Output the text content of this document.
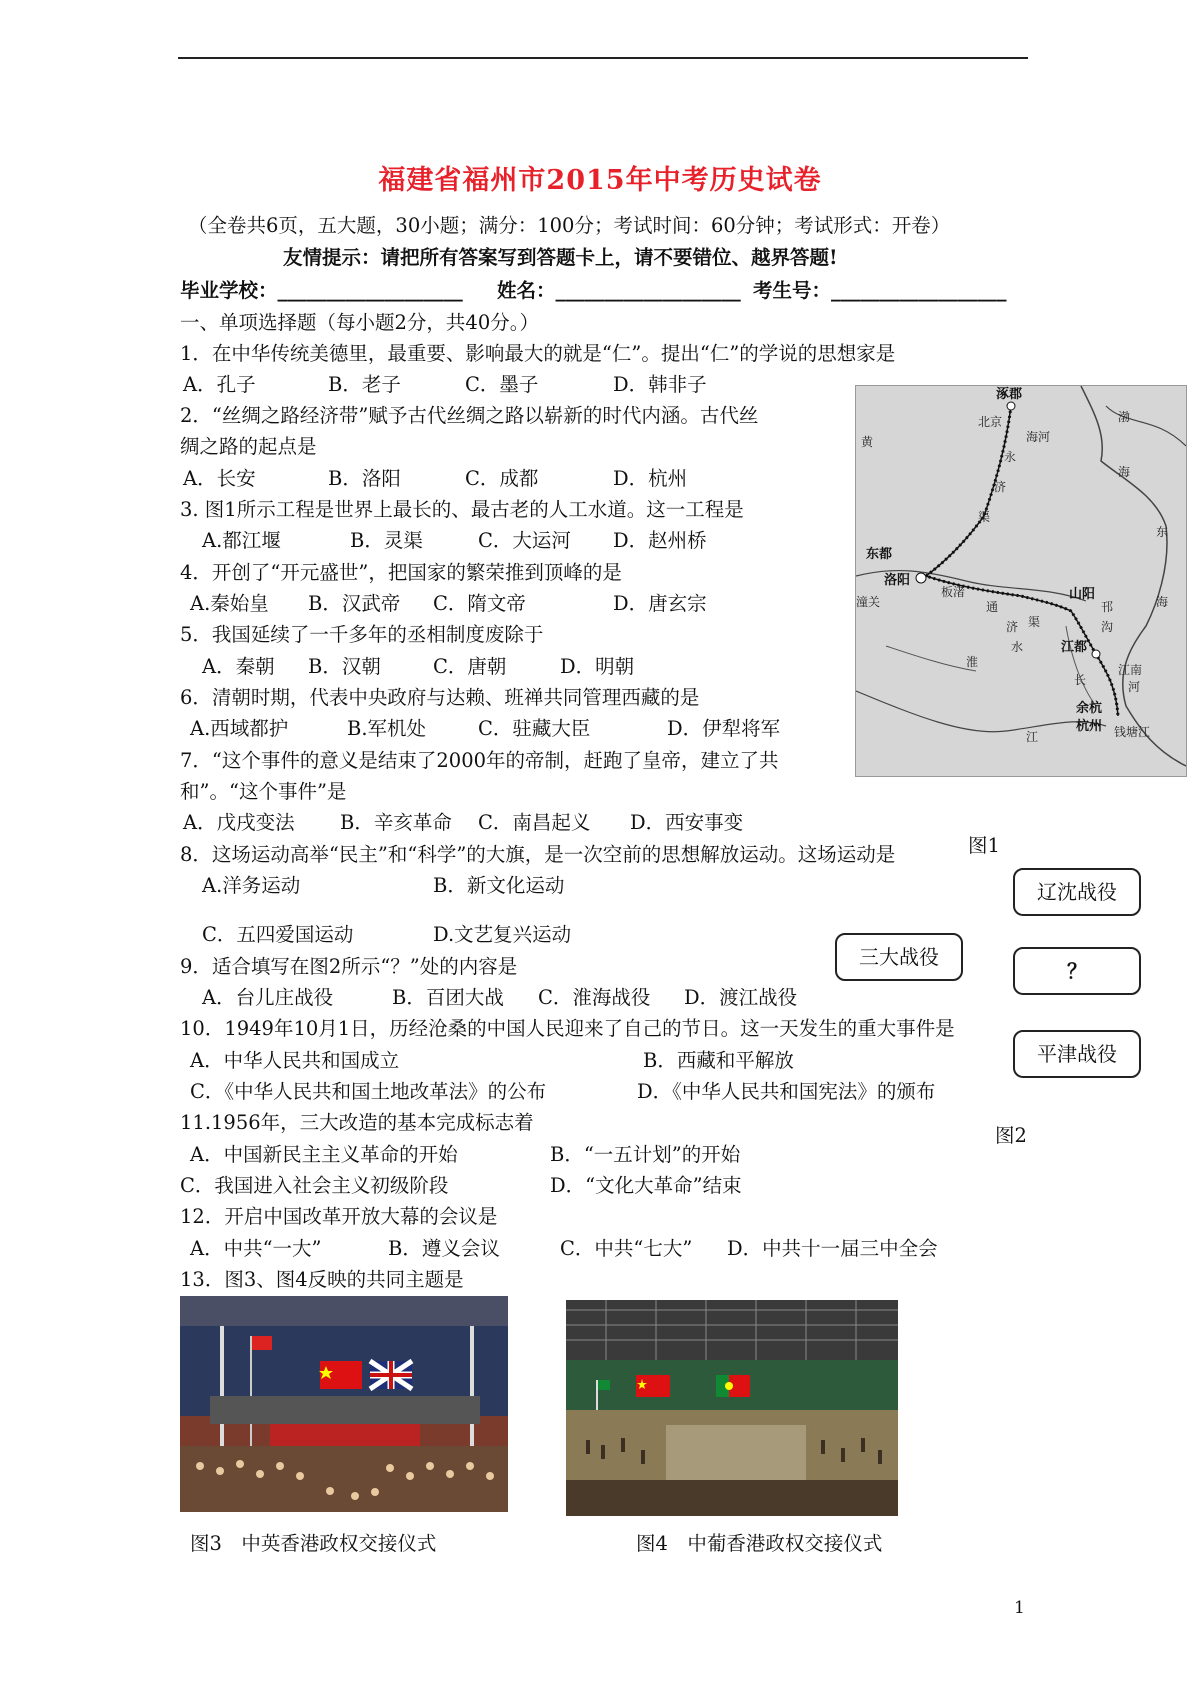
福建省福州市2015年中考历史试卷
（全卷共6页，五大题，30小题；满分：100分；考试时间：60分钟；考试形式：开卷）
友情提示：请把所有答案写到答题卡上，请不要错位、越界答题!
毕业学校：___________________ 姓名：___________________ 考生号：__________________
一、单项选择题（每小题2分，共40分。）
1．在中华传统美德里，最重要、影响最大的就是“仁”。提出“仁”的学说的思想家是
A．孔子	B．老子	C．墨子	D．韩非子
2．“丝绸之路经济带”赋予古代丝绸之路以崭新的时代内涵。古代丝
绸之路的起点是
A．长安	B．洛阳	C．成都	D．杭州
3. 图1所示工程是世界上最长的、最古老的人工水道。这一工程是
A.都江堰	B．灵渠	C．大运河 D．赵州桥
4．开创了“开元盛世”，把国家的繁荣推到顶峰的是
A.秦始皇 B．汉武帝 C．隋文帝	D．唐玄宗
5．我国延续了一千多年的丞相制度废除于
A．秦朝 B．汉朝	C．唐朝	D．明朝
6．清朝时期，代表中央政府与达赖、班禅共同管理西藏的是
A.西域都护	B.军机处	C．驻藏大臣	D．伊犁将军
7．“这个事件的意义是结束了2000年的帝制，赶跑了皇帝，建立了共
和”。“这个事件”是
A．戊戌变法 B．辛亥革命 C．南昌起义 D．西安事变
8．这场运动高举“民主”和“科学”的大旗，是一次空前的思想解放运动。这场运动是
A.洋务运动	B．新文化运动
C．五四爱国运动	D.文艺复兴运动
9．适合填写在图2所示“？”处的内容是
A．台儿庄战役	B．百团大战 C．淮海战役 D．渡江战役
10．1949年10月1日，历经沧桑的中国人民迎来了自己的节日。这一天发生的重大事件是
A．中华人民共和国成立	B．西藏和平解放
C．《中华人民共和国土地改革法》的公布	D．《中华人民共和国宪法》的颁布
11.1956年，三大改造的基本完成标志着
A．中国新民主主义革命的开始	B．“一五计划”的开始
C．我国进入社会主义初级阶段	D．“文化大革命”结束
12．开启中国改革开放大幕的会议是
A．中共“一大”	B．遵义会议	C．中共“七大” D．中共十一届三中全会
13．图3、图4反映的共同主题是
涿郡
东都
洛阳
江都
山阳
余杭
杭州
北京
海河
永
济
渠
黄
渤
海
东
海
潼关
板渚
通
济 渠
水
淮
邗
沟
长
江
江南
河
钱塘江
图1
三大战役
辽沈战役
？
平津战役
图2
图3　中英香港政权交接仪式	图4　中葡香港政权交接仪式
1
